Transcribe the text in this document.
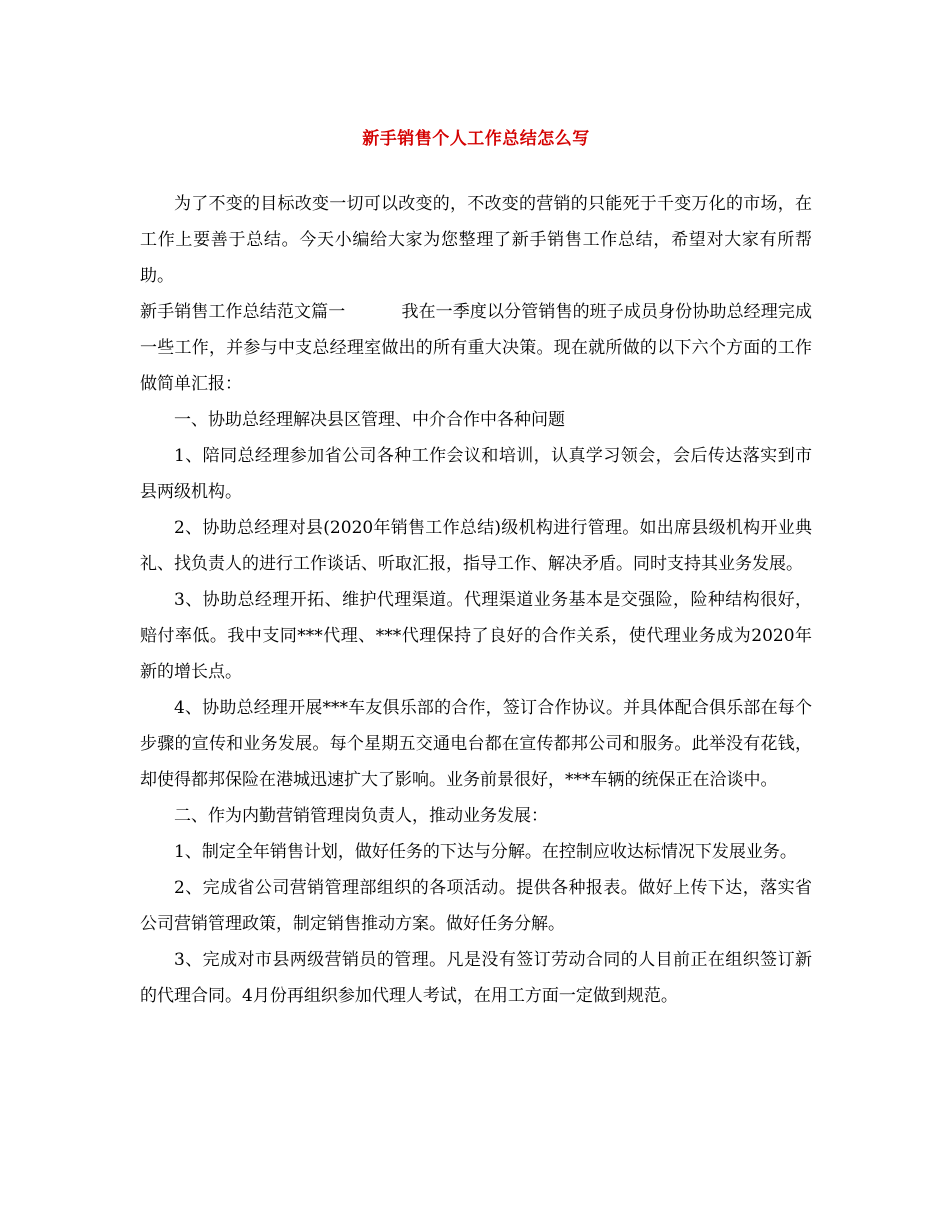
新手销售个人工作总结怎么写

为了不变的目标改变一切可以改变的，不改变的营销的只能死于千变万化的市场，在工作上要善于总结。今天小编给大家为您整理了新手销售工作总结，希望对大家有所帮助。

新手销售工作总结范文篇一	我在一季度以分管销售的班子成员身份协助总经理完成一些工作，并参与中支总经理室做出的所有重大决策。现在就所做的以下六个方面的工作做简单汇报：

一、协助总经理解决县区管理、中介合作中各种问题

1、陪同总经理参加省公司各种工作会议和培训，认真学习领会，会后传达落实到市县两级机构。

2、协助总经理对县(2020年销售工作总结)级机构进行管理。如出席县级机构开业典礼、找负责人的进行工作谈话、听取汇报，指导工作、解决矛盾。同时支持其业务发展。

3、协助总经理开拓、维护代理渠道。代理渠道业务基本是交强险，险种结构很好，赔付率低。我中支同***代理、***代理保持了良好的合作关系，使代理业务成为2020年新的增长点。

4、协助总经理开展***车友俱乐部的合作，签订合作协议。并具体配合俱乐部在每个步骤的宣传和业务发展。每个星期五交通电台都在宣传都邦公司和服务。此举没有花钱，却使得都邦保险在港城迅速扩大了影响。业务前景很好，***车辆的统保正在洽谈中。

二、作为内勤营销管理岗负责人，推动业务发展：

1、制定全年销售计划，做好任务的下达与分解。在控制应收达标情况下发展业务。

2、完成省公司营销管理部组织的各项活动。提供各种报表。做好上传下达，落实省公司营销管理政策，制定销售推动方案。做好任务分解。

3、完成对市县两级营销员的管理。凡是没有签订劳动合同的人目前正在组织签订新的代理合同。4月份再组织参加代理人考试，在用工方面一定做到规范。
